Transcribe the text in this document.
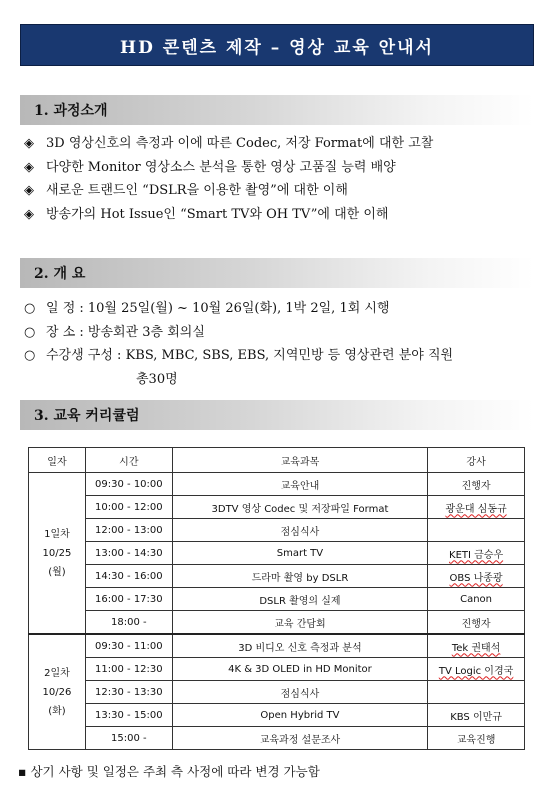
HD 콘텐츠 제작 – 영상 교육 안내서
1. 과정소개
◈ 3D 영상신호의 측정과 이에 따른 Codec, 저장 Format에 대한 고찰
◈ 다양한 Monitor 영상소스 분석을 통한 영상 고품질 능력 배양
◈ 새로운 트랜드인 “DSLR을 이용한 촬영”에 대한 이해
◈ 방송가의 Hot Issue인 “Smart TV와 OH TV”에 대한 이해
2. 개 요
○ 일 정 : 10월 25일(월) ~ 10월 26일(화), 1박 2일, 1회 시행
○ 장 소 : 방송회관 3층 회의실
○ 수강생 구성 : KBS, MBC, SBS, EBS, 지역민방 등 영상관련 분야 직원
총30명
3. 교육 커리큘럼
일자	시간	교육과목	강사

1일차
10/25
(월)	09:30 - 10:00	교육안내	진행자
	10:00 - 12:00	3DTV 영상 Codec 및 저장파일 Format	광운대 심동규
	12:00 - 13:00	점심식사	
	13:00 - 14:30	Smart TV	KETI 금승우
	14:30 - 16:00	드라마 촬영 by DSLR	OBS 나종광
	16:00 - 17:30	DSLR 촬영의 실제	Canon
	18:00 -	교육 간담회	진행자

2일차
10/26
(화)	09:30 - 11:00	3D 비디오 신호 측정과 분석	Tek 권태석
	11:00 - 12:30	4K & 3D OLED in HD Monitor	TV Logic 이경국
	12:30 - 13:30	점심식사	
	13:30 - 15:00	Open Hybrid TV	KBS 이만규
	15:00 -	교육과정 설문조사	교육진행
▪ 상기 사항 및 일정은 주최 측 사정에 따라 변경 가능함
